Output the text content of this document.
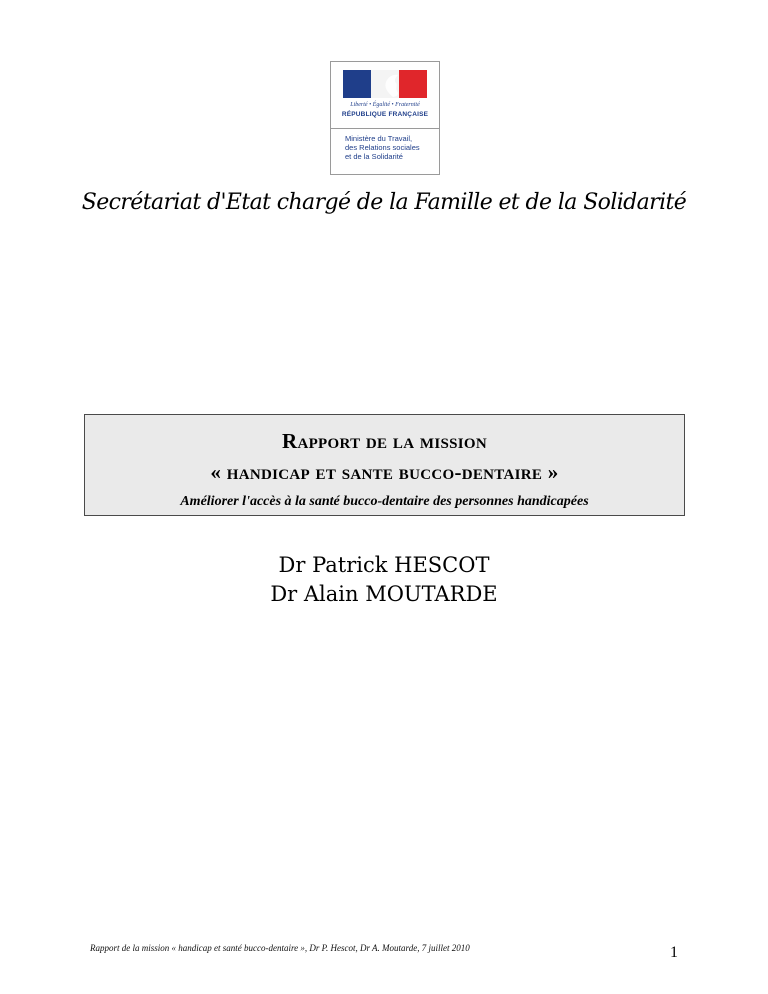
Liberté • Égalité • Fraternité
RÉPUBLIQUE FRANÇAISE
Ministère du Travail,
des Relations sociales
et de la Solidarité
Secrétariat d'Etat chargé de la Famille et de la Solidarité
Rapport de la mission
« handicap et sante bucco-dentaire »
Améliorer l'accès à la santé bucco-dentaire des personnes handicapées
Dr Patrick HESCOT
Dr Alain MOUTARDE
Rapport de la mission « handicap et santé bucco-dentaire », Dr P. Hescot, Dr A. Moutarde, 7 juillet 2010	1
